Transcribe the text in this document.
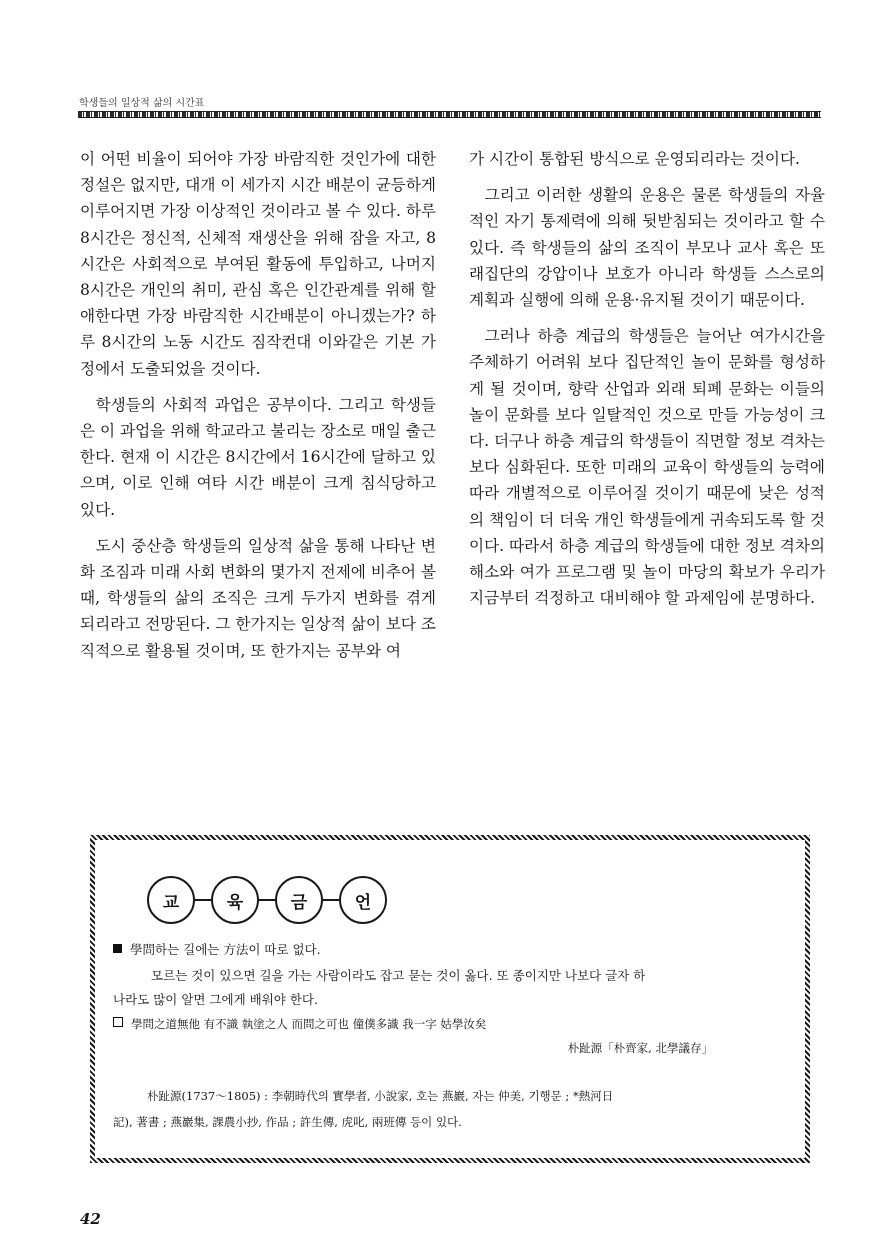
학생들의 일상적 삶의 시간표

이 어떤 비율이 되어야 가장 바람직한 것인가에 대한 정설은 없지만, 대개 이 세가지 시간 배분이 균등하게 이루어지면 가장 이상적인 것이라고 볼 수 있다. 하루 8시간은 정신적, 신체적 재생산을 위해 잠을 자고, 8시간은 사회적으로 부여된 활동에 투입하고, 나머지 8시간은 개인의 취미, 관심 혹은 인간관계를 위해 할애한다면 가장 바람직한 시간배분이 아니겠는가? 하루 8시간의 노동 시간도 짐작컨대 이와같은 기본 가정에서 도출되었을 것이다.

학생들의 사회적 과업은 공부이다. 그리고 학생들은 이 과업을 위해 학교라고 불리는 장소로 매일 출근한다. 현재 이 시간은 8시간에서 16시간에 달하고 있으며, 이로 인해 여타 시간 배분이 크게 침식당하고 있다.

도시 중산층 학생들의 일상적 삶을 통해 나타난 변화 조짐과 미래 사회 변화의 몇가지 전제에 비추어 볼 때, 학생들의 삶의 조직은 크게 두가지 변화를 겪게 되리라고 전망된다. 그 한가지는 일상적 삶이 보다 조직적으로 활용될 것이며, 또 한가지는 공부와 여

가 시간이 통합된 방식으로 운영되리라는 것이다.

그리고 이러한 생활의 운용은 물론 학생들의 자율적인 자기 통제력에 의해 뒷받침되는 것이라고 할 수 있다. 즉 학생들의 삶의 조직이 부모나 교사 혹은 또래집단의 강압이나 보호가 아니라 학생들 스스로의 계획과 실행에 의해 운용·유지될 것이기 때문이다.

그러나 하층 계급의 학생들은 늘어난 여가시간을 주체하기 어려워 보다 집단적인 놀이 문화를 형성하게 될 것이며, 향락 산업과 외래 퇴폐 문화는 이들의 놀이 문화를 보다 일탈적인 것으로 만들 가능성이 크다. 더구나 하층 계급의 학생들이 직면할 정보 격차는 보다 심화된다. 또한 미래의 교육이 학생들의 능력에 따라 개별적으로 이루어질 것이기 때문에 낮은 성적의 책임이 더 더욱 개인 학생들에게 귀속되도록 할 것이다. 따라서 하층 계급의 학생들에 대한 정보 격차의 해소와 여가 프로그램 및 놀이 마당의 확보가 우리가 지금부터 걱정하고 대비해야 할 과제임에 분명하다.

교	육	금	언
學問하는 길에는 方法이 따로 없다.
모르는 것이 있으면 길을 가는 사람이라도 잡고 묻는 것이 옳다. 또 종이지만 나보다 글자 하
나라도 많이 알면 그에게 배워야 한다.
學問之道無他 有不識 執塗之人 而問之可也 僮僕多識 我一字 姑學汝矣
朴趾源「朴齊家, 北學議存」
朴趾源(1737～1805) : 李朝時代의 實學者, 小說家, 호는 燕巖, 자는 仲美, 기행문 ; *熱河日
記), 著書 ; 燕巖集, 課農小抄, 作品 ; 許生傳, 虎叱, 兩班傳 등이 있다.
42
